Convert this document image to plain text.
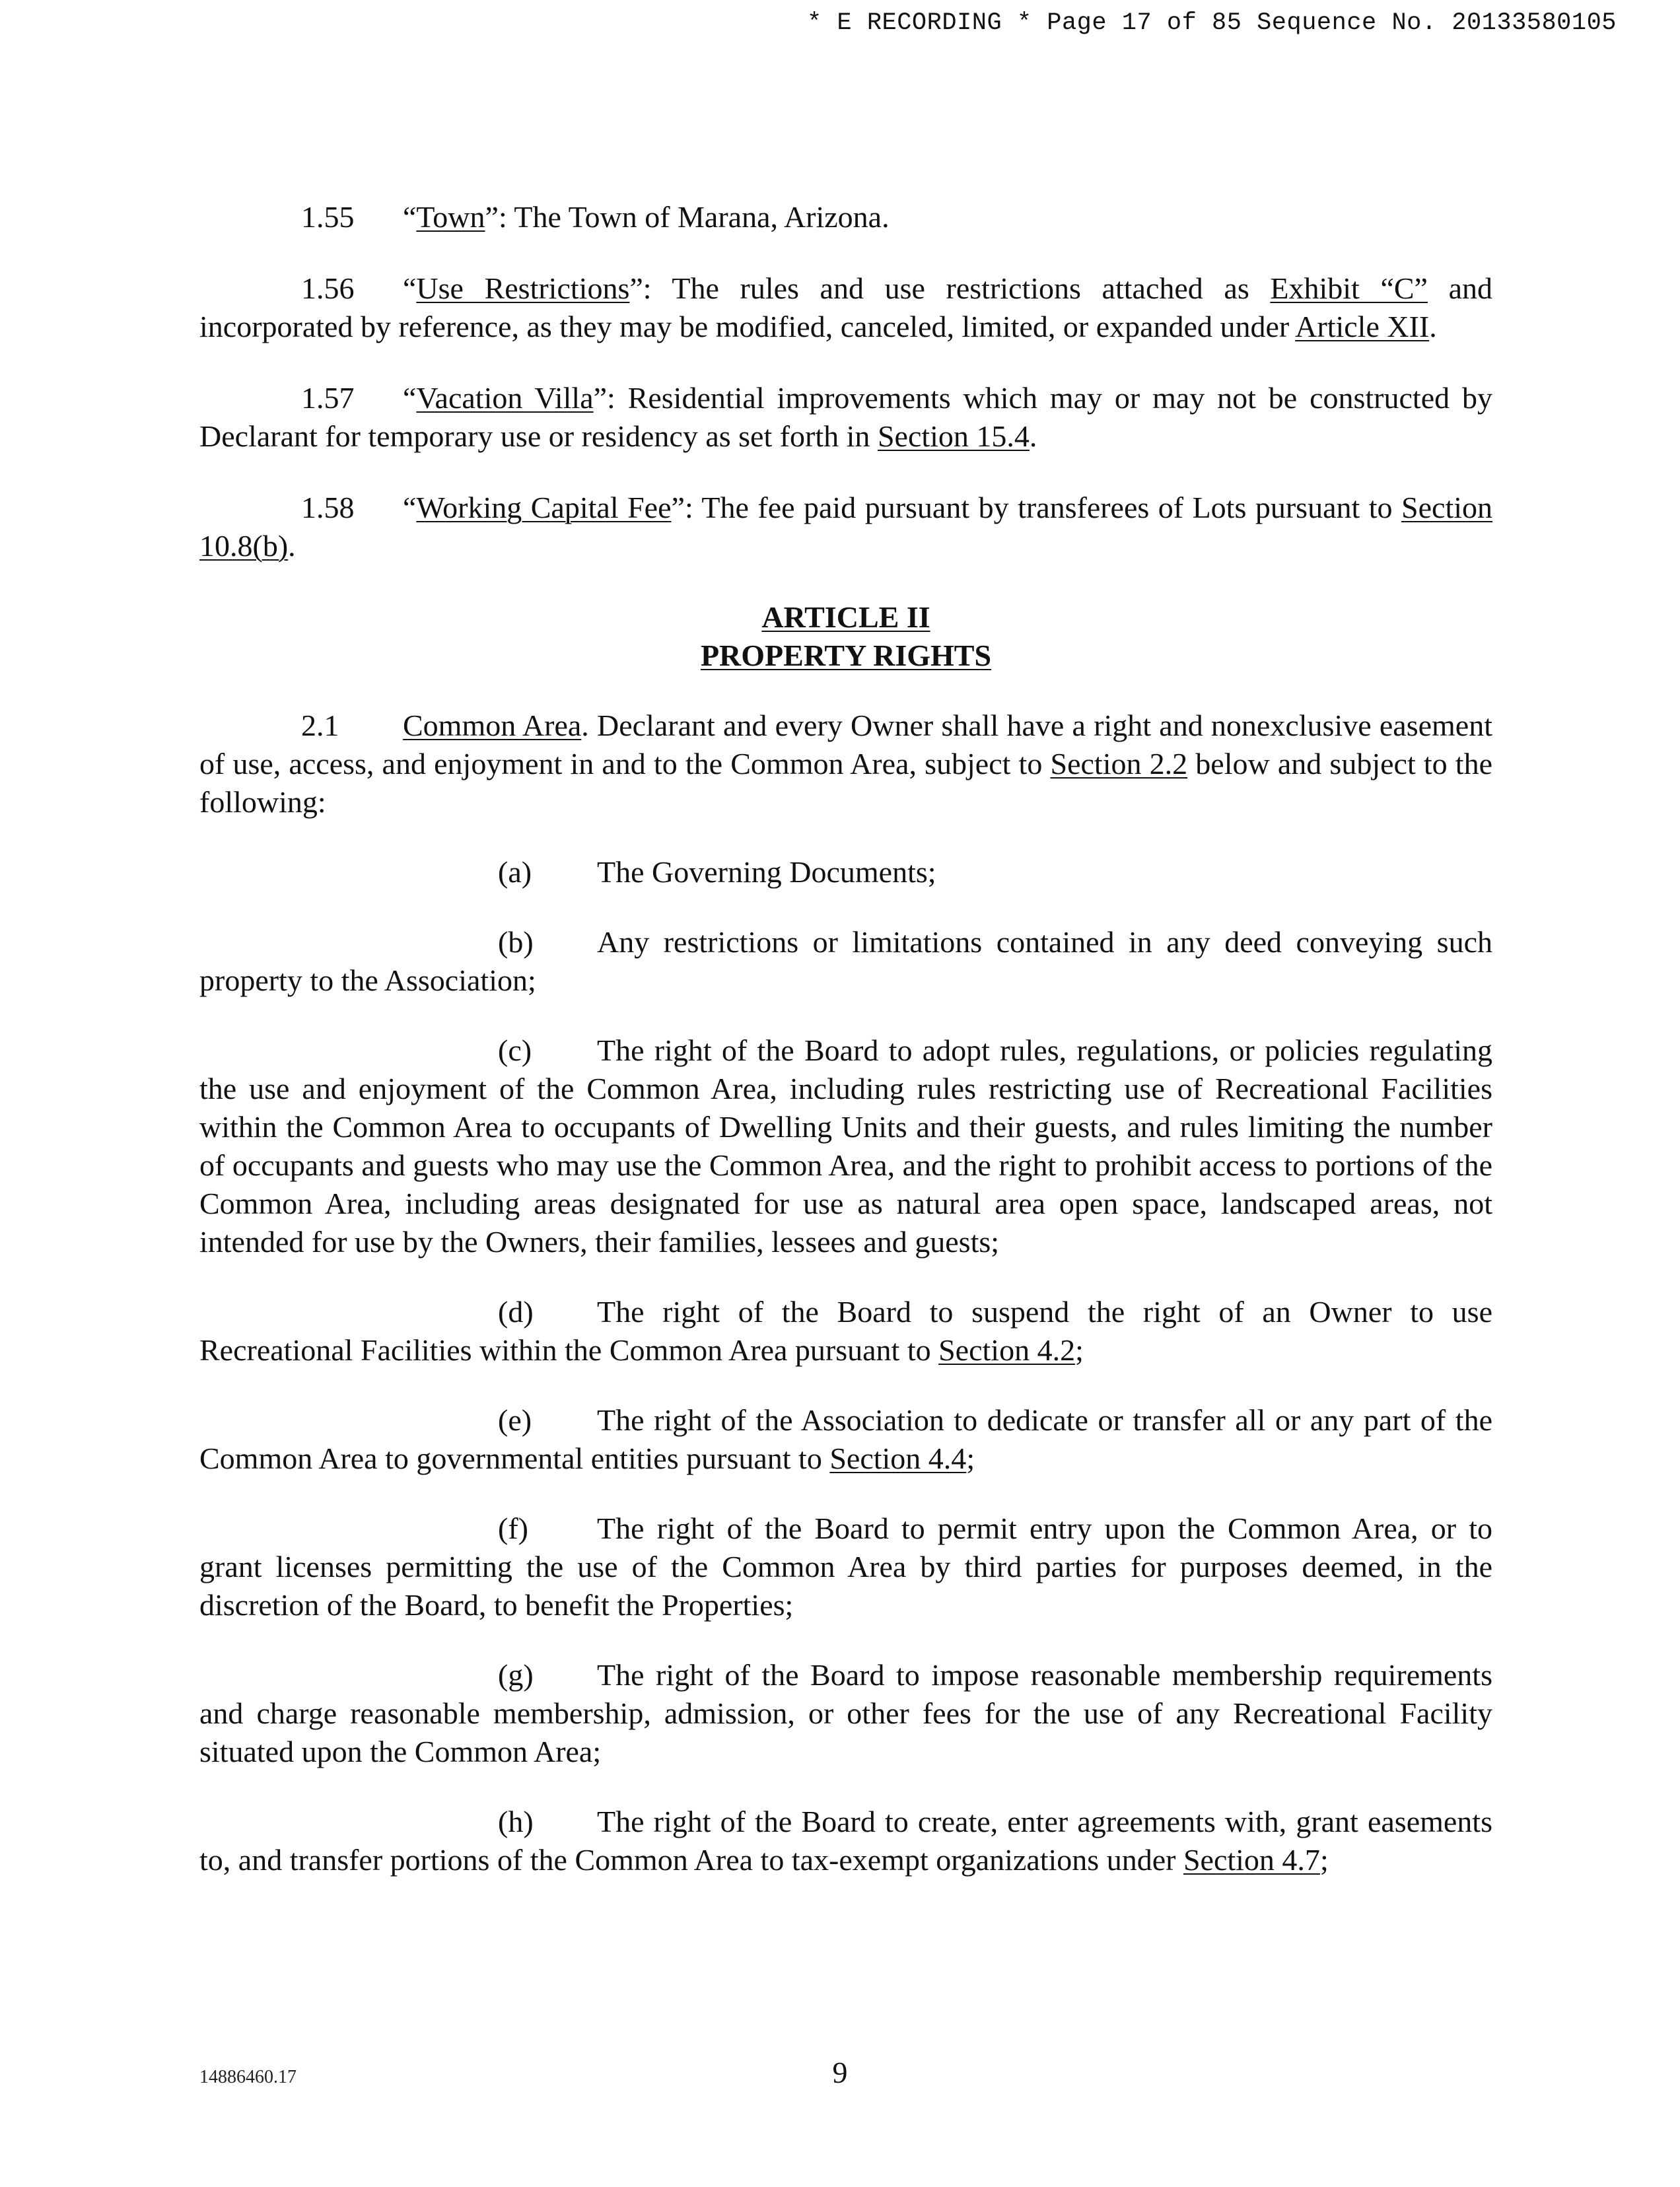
* E RECORDING * Page 17 of 85 Sequence No. 20133580105

1.55 “Town”: The Town of Marana, Arizona.

1.56 “Use Restrictions”: The rules and use restrictions attached as Exhibit “C” and incorporated by reference, as they may be modified, canceled, limited, or expanded under Article XII.

1.57 “Vacation Villa”: Residential improvements which may or may not be constructed by Declarant for temporary use or residency as set forth in Section 15.4.

1.58 “Working Capital Fee”: The fee paid pursuant by transferees of Lots pursuant to Section 10.8(b).

ARTICLE II
PROPERTY RIGHTS

2.1 Common Area. Declarant and every Owner shall have a right and nonexclusive easement of use, access, and enjoyment in and to the Common Area, subject to Section 2.2 below and subject to the following:

(a) The Governing Documents;

(b) Any restrictions or limitations contained in any deed conveying such property to the Association;

(c) The right of the Board to adopt rules, regulations, or policies regulating the use and enjoyment of the Common Area, including rules restricting use of Recreational Facilities within the Common Area to occupants of Dwelling Units and their guests, and rules limiting the number of occupants and guests who may use the Common Area, and the right to prohibit access to portions of the Common Area, including areas designated for use as natural area open space, landscaped areas, not intended for use by the Owners, their families, lessees and guests;

(d) The right of the Board to suspend the right of an Owner to use Recreational Facilities within the Common Area pursuant to Section 4.2;

(e) The right of the Association to dedicate or transfer all or any part of the Common Area to governmental entities pursuant to Section 4.4;

(f) The right of the Board to permit entry upon the Common Area, or to grant licenses permitting the use of the Common Area by third parties for purposes deemed, in the discretion of the Board, to benefit the Properties;

(g) The right of the Board to impose reasonable membership requirements and charge reasonable membership, admission, or other fees for the use of any Recreational Facility situated upon the Common Area;

(h) The right of the Board to create, enter agreements with, grant easements to, and transfer portions of the Common Area to tax-exempt organizations under Section 4.7;

14886460.17	9
